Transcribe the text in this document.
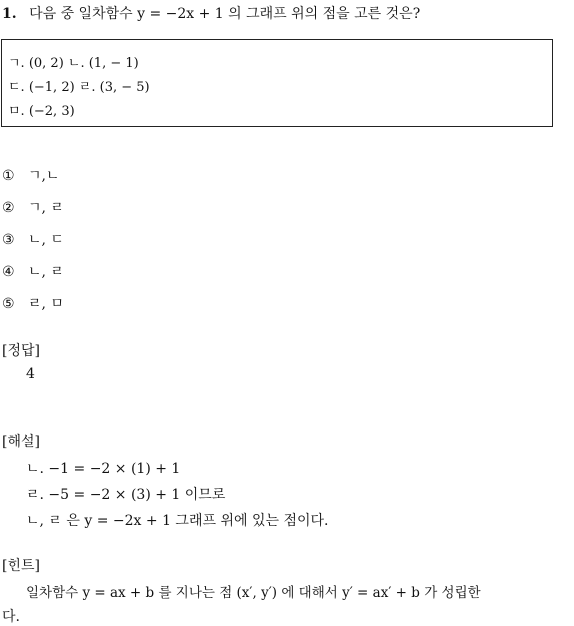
1. 다음 중 일차함수 y = −2x + 1 의 그래프 위의 점을 고른 것은?
ㄱ. (0, 2) ㄴ. (1, − 1)
ㄷ. (−1, 2) ㄹ. (3, − 5)
ㅁ. (−2, 3)
① ㄱ,ㄴ
② ㄱ, ㄹ
③ ㄴ, ㄷ
④ ㄴ, ㄹ
⑤ ㄹ, ㅁ
[정답]
4
[해설]
ㄴ. −1 = −2 × (1) + 1
ㄹ. −5 = −2 × (3) + 1 이므로
ㄴ, ㄹ 은 y = −2x + 1 그래프 위에 있는 점이다.
[힌트]
일차함수 y = ax + b 를 지나는 점 (x′, y′) 에 대해서 y′ = ax′ + b 가 성립한
다.
